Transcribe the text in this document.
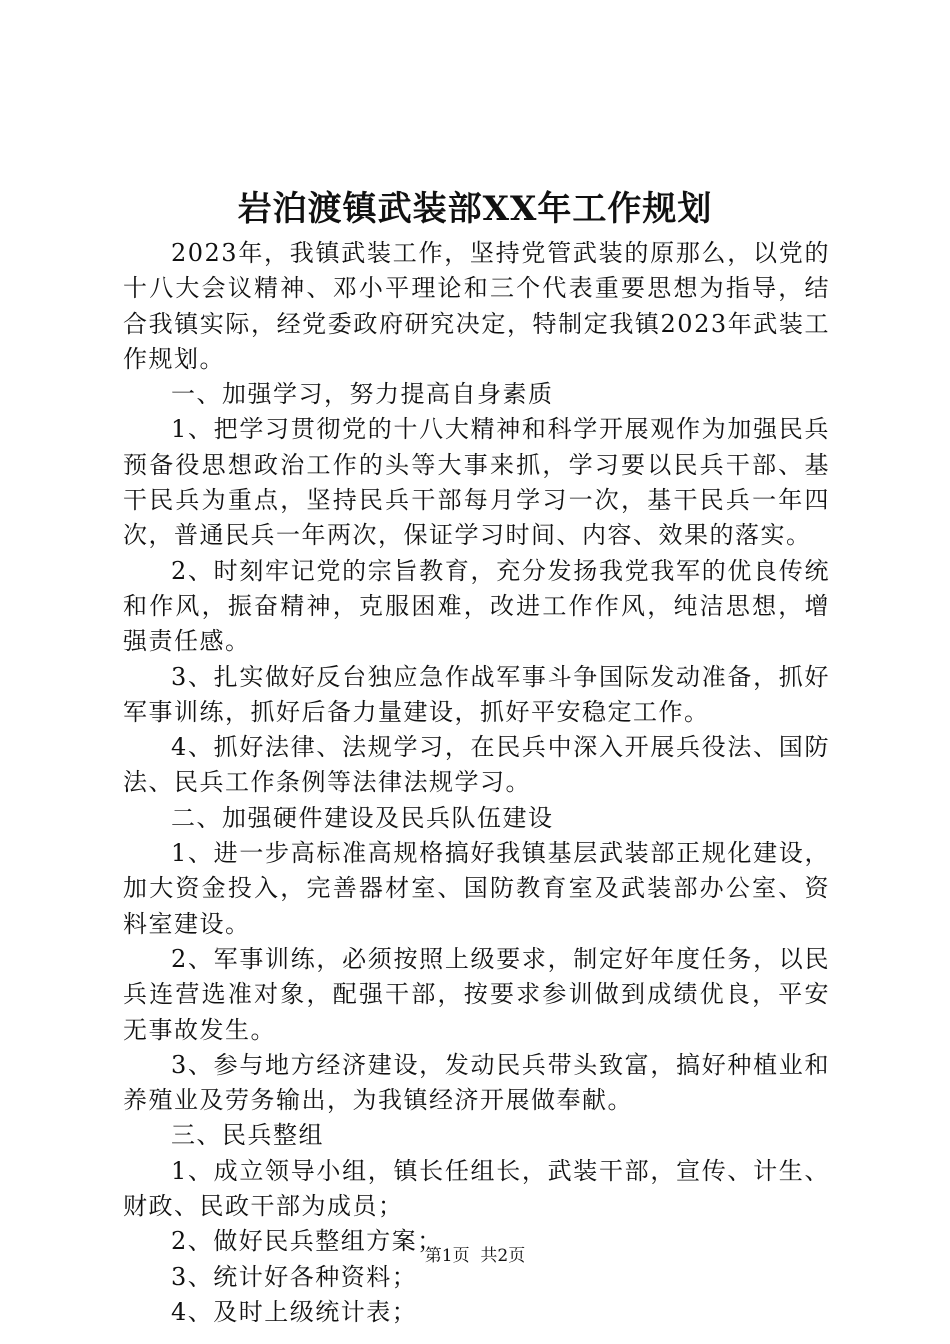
岩泊渡镇武装部XX年工作规划

2023年，我镇武装工作，坚持党管武装的原那么，以党的十八大会议精神、邓小平理论和三个代表重要思想为指导，结合我镇实际，经党委政府研究决定，特制定我镇2023年武装工作规划。

一、加强学习，努力提高自身素质

1、把学习贯彻党的十八大精神和科学开展观作为加强民兵预备役思想政治工作的头等大事来抓，学习要以民兵干部、基干民兵为重点，坚持民兵干部每月学习一次，基干民兵一年四次，普通民兵一年两次，保证学习时间、内容、效果的落实。

2、时刻牢记党的宗旨教育，充分发扬我党我军的优良传统和作风，振奋精神，克服困难，改进工作作风，纯洁思想，增强责任感。

3、扎实做好反台独应急作战军事斗争国际发动准备，抓好军事训练，抓好后备力量建设，抓好平安稳定工作。

4、抓好法律、法规学习，在民兵中深入开展兵役法、国防法、民兵工作条例等法律法规学习。

二、加强硬件建设及民兵队伍建设

1、进一步高标准高规格搞好我镇基层武装部正规化建设，加大资金投入，完善器材室、国防教育室及武装部办公室、资料室建设。

2、军事训练，必须按照上级要求，制定好年度任务，以民兵连营选准对象，配强干部，按要求参训做到成绩优良，平安无事故发生。

3、参与地方经济建设，发动民兵带头致富，搞好种植业和养殖业及劳务输出，为我镇经济开展做奉献。

三、民兵整组

1、成立领导小组，镇长任组长，武装干部，宣传、计生、财政、民政干部为成员；

2、做好民兵整组方案；

3、统计好各种资料；

4、及时上级统计表；

第1页 共2页
